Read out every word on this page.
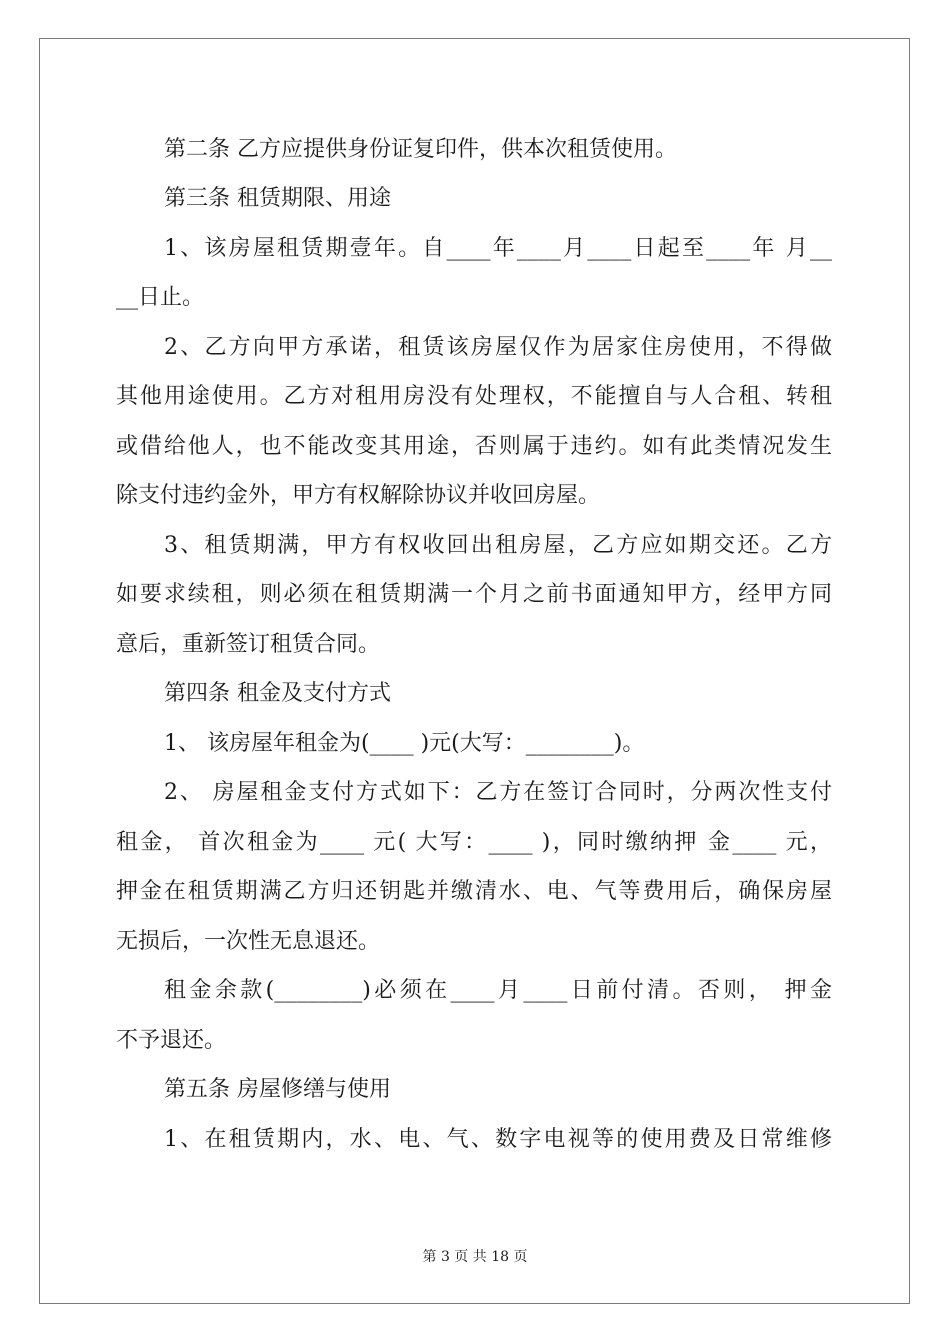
第二条 乙方应提供身份证复印件，供本次租赁使用。
第三条 租赁期限、用途
1、该房屋租赁期壹年。自____年____月____日起至____年 月__
__日止。
2、乙方向甲方承诺，租赁该房屋仅作为居家住房使用，不得做
其他用途使用。乙方对租用房没有处理权，不能擅自与人合租、转租
或借给他人，也不能改变其用途，否则属于违约。如有此类情况发生
除支付违约金外，甲方有权解除协议并收回房屋。
3、租赁期满，甲方有权收回出租房屋，乙方应如期交还。乙方
如要求续租，则必须在租赁期满一个月之前书面通知甲方，经甲方同
意后，重新签订租赁合同。
第四条 租金及支付方式
1、 该房屋年租金为(____ )元(大写：________)。
2、 房屋租金支付方式如下：乙方在签订合同时，分两次性支付
租金， 首次租金为____ 元( 大写：____ )，同时缴纳押 金____ 元，
押金在租赁期满乙方归还钥匙并缴清水、电、气等费用后，确保房屋
无损后，一次性无息退还。
租金余款(________)必须在____月____日前付清。否则， 押金
不予退还。
第五条 房屋修缮与使用
1、在租赁期内，水、电、气、数字电视等的使用费及日常维修
第 3 页 共 18 页
